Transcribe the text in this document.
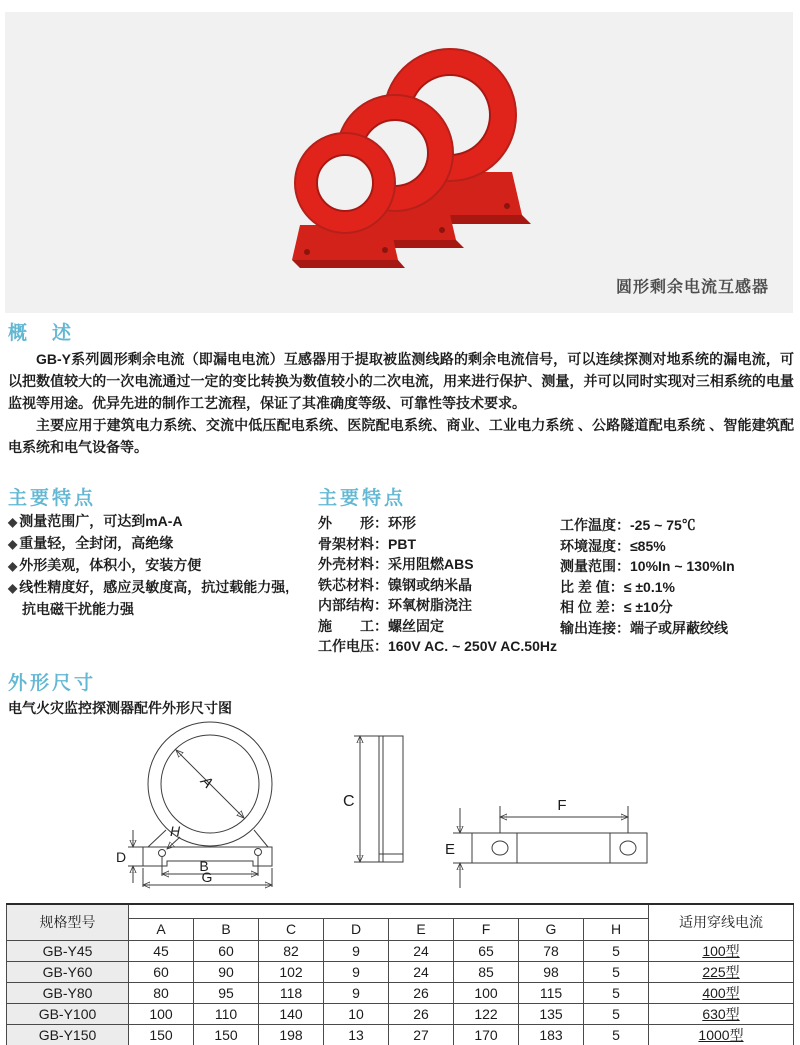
圆形剩余电流互感器
概　述

GB-Y系列圆形剩余电流（即漏电电流）互感器用于提取被监测线路的剩余电流信号，可以连续探测对地系统的漏电流，可以把数值较大的一次电流通过一定的变比转换为数值较小的二次电流，用来进行保护、测量，并可以同时实现对三相系统的电量监视等用途。优异先进的制作工艺流程，保证了其准确度等级、可靠性等技术要求。

主要应用于建筑电力系统、交流中低压配电系统、医院配电系统、商业、工业电力系统 、公路隧道配电系统 、智能建筑配电系统和电气设备等。

主要特点
◆ 测量范围广，可达到mA-A
◆ 重量轻，全封闭，高绝缘
◆ 外形美观，体积小，安装方便
◆ 线性精度好，感应灵敏度高，抗过载能力强,
抗电磁干扰能力强
主要特点
外　　形：环形
骨架材料：PBT
外壳材料：采用阻燃ABS
铁芯材料：镍钢或纳米晶
内部结构：环氧树脂浇注
施　　工：螺丝固定
工作电压：160V AC. ~ 250V AC.50Hz
工作温度：-25 ~ 75℃
环境湿度：≤85%
测量范围：10%In ~ 130%In
比 差 值：≤ ±0.1%
相 位 差：≤ ±10分
输出连接：端子或屏蔽绞线
外形尺寸
电气火灾监控探测器配件外形尺寸图
A
H
D
B
G
C	F
E
规格型号									适用穿线电流
	A	B	C	D	E	F	G	H	
GB-Y45	45	60	82	9	24	65	78	5	100型
GB-Y60	60	90	102	9	24	85	98	5	225型
GB-Y80	80	95	118	9	26	100	115	5	400型
GB-Y100	100	110	140	10	26	122	135	5	630型
GB-Y150	150	150	198	13	27	170	183	5	1000型
